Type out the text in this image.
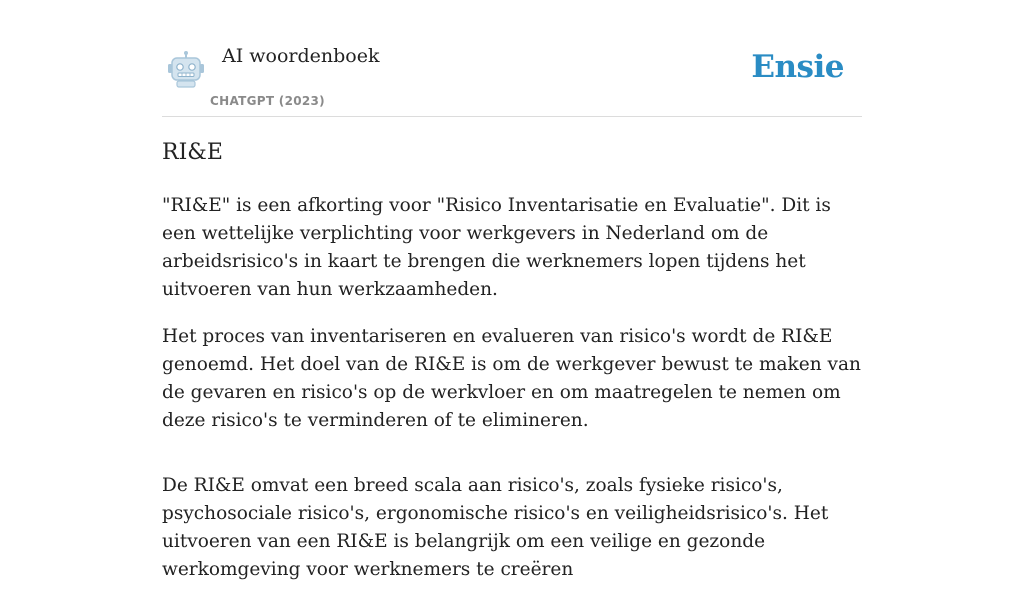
AI woordenboek
CHATGPT (2023)
Ensie
RI&E

"RI&E" is een afkorting voor "Risico Inventarisatie en Evaluatie". Dit is een wettelijke verplichting voor werkgevers in Nederland om de arbeidsrisico's in kaart te brengen die werknemers lopen tijdens het uitvoeren van hun werkzaamheden.

Het proces van inventariseren en evalueren van risico's wordt de RI&E genoemd. Het doel van de RI&E is om de werkgever bewust te maken van de gevaren en risico's op de werkvloer en om maatregelen te nemen om deze risico's te verminderen of te elimineren.

De RI&E omvat een breed scala aan risico's, zoals fysieke risico's, psychosociale risico's, ergonomische risico's en veiligheidsrisico's. Het uitvoeren van een RI&E is belangrijk om een veilige en gezonde werkomgeving voor werknemers te creëren
